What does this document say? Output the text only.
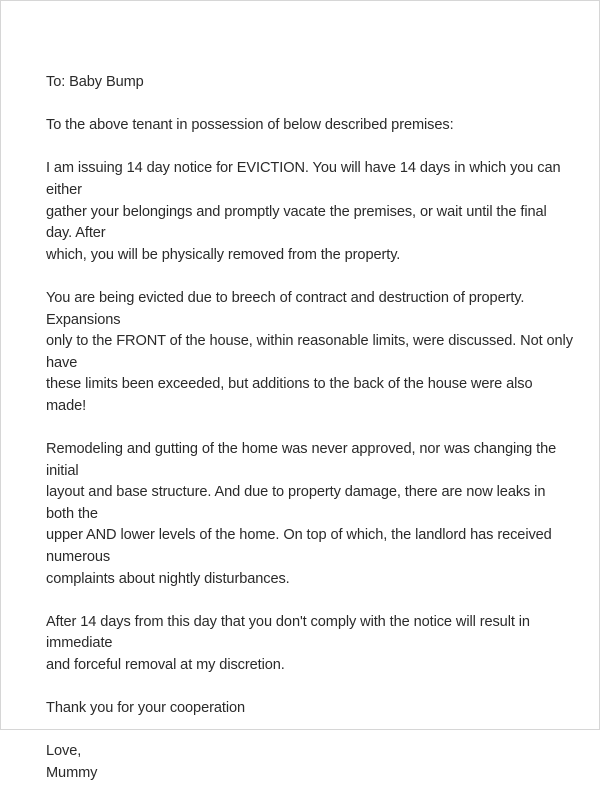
To: Baby Bump

To the above tenant in possession of below described premises:

I am issuing 14 day notice for EVICTION. You will have 14 days in which you can either
gather your belongings and promptly vacate the premises, or wait until the final day. After
which, you will be physically removed from the property.

You are being evicted due to breech of contract and destruction of property. Expansions
only to the FRONT of the house, within reasonable limits, were discussed. Not only have
these limits been exceeded, but additions to the back of the house were also made!

Remodeling and gutting of the home was never approved, nor was changing the initial
layout and base structure. And due to property damage, there are now leaks in both the
upper AND lower levels of the home. On top of which, the landlord has received numerous
complaints about nightly disturbances.

After 14 days from this day that you don't comply with the notice will result in immediate
and forceful removal at my discretion.

Thank you for your cooperation

Love,
Mummy
